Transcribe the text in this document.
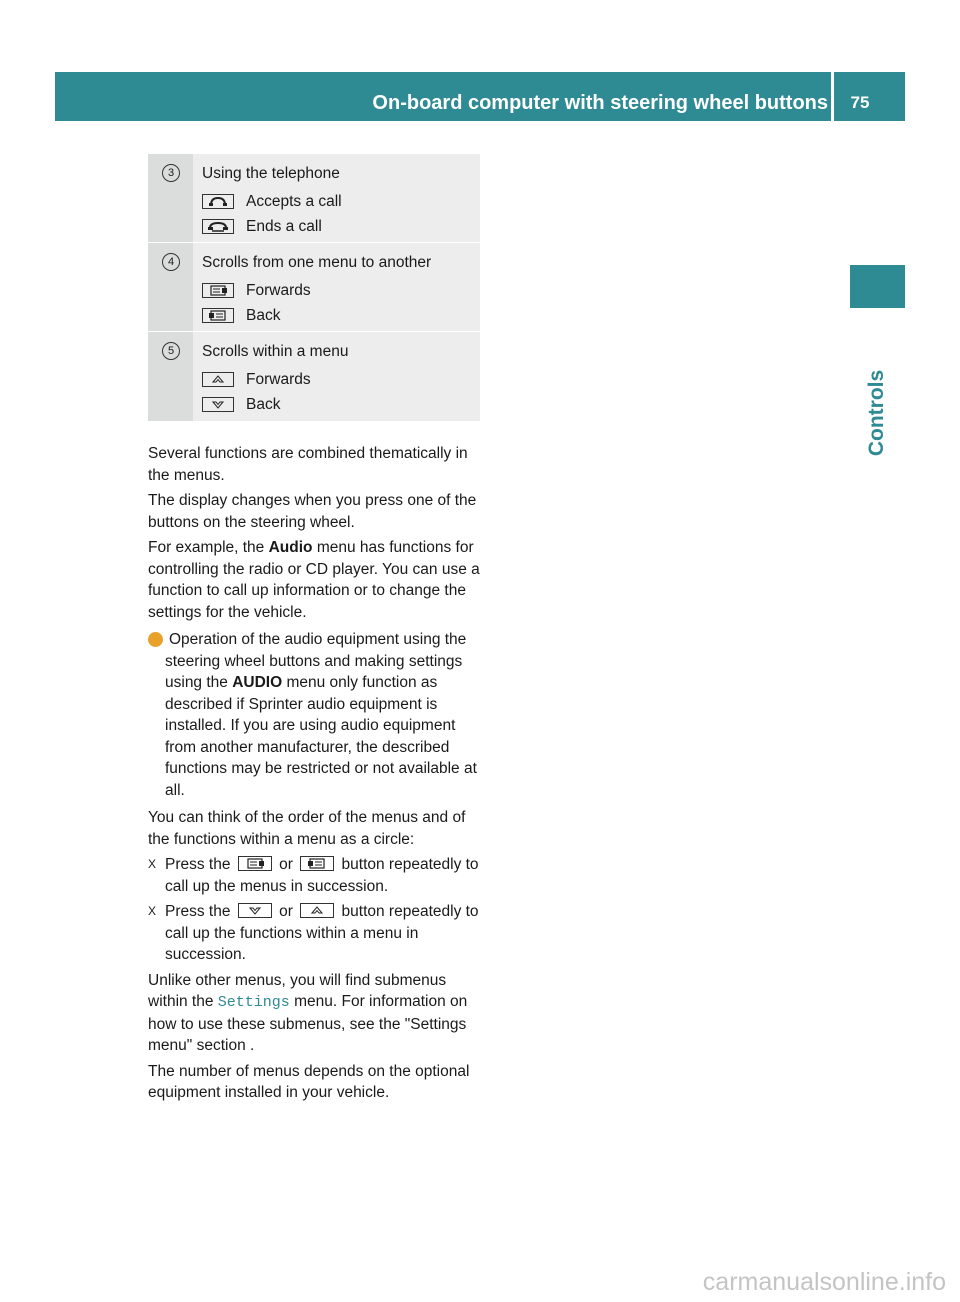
On-board computer with steering wheel buttons	75
Controls
3	Using the telephone
Accepts a call
Ends a call
4	Scrolls from one menu to another
Forwards
Back
5	Scrolls within a menu
Forwards
Back

Several functions are combined thematically in the menus.

The display changes when you press one of the buttons on the steering wheel.

For example, the Audio menu has functions for controlling the radio or CD player. You can use a function to call up information or to change the settings for the vehicle.

i Operation of the audio equipment using the steering wheel buttons and making settings using the AUDIO menu only function as described if Sprinter audio equipment is installed. If you are using audio equipment from another manufacturer, the described functions may be restricted or not available at all.

You can think of the order of the menus and of the functions within a menu as a circle:

X Press the	or	button repeatedly to call up the menus in succession.

X Press the	or	button repeatedly to call up the functions within a menu in succession.

Unlike other menus, you will find submenus within the Settings menu. For information on how to use these submenus, see the "Settings menu" section .

The number of menus depends on the optional equipment installed in your vehicle.

carmanualsonline.info
